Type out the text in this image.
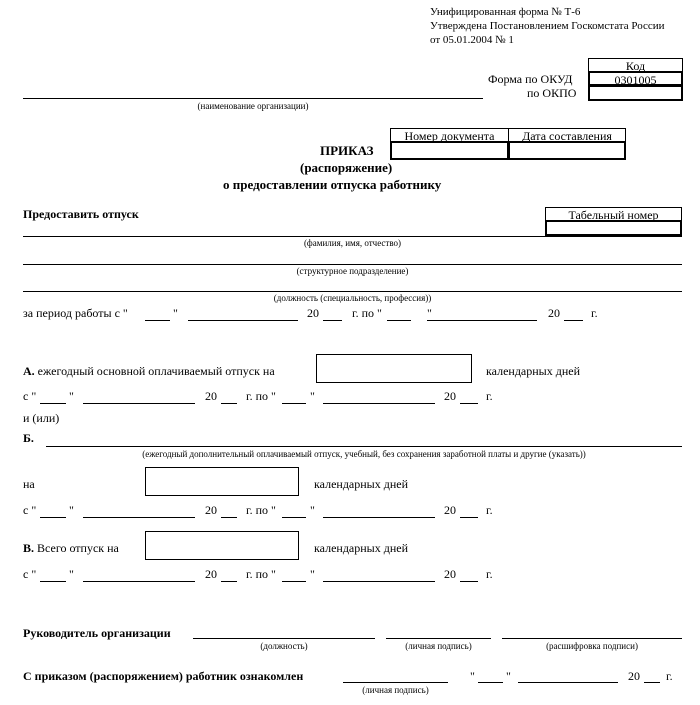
Унифицированная форма № Т-6
Утверждена Постановлением Госкомстата России
от 05.01.2004 № 1
Код
0301005
Форма по ОКУД
по ОКПО
(наименование организации)
Номер документа	Дата составления
ПРИКАЗ
(распоряжение)
о предоставлении отпуска работнику
Предоставить отпуск	Табельный номер
(фамилия, имя, отчество)
(структурное подразделение)
(должность (специальность, профессия))
за период работы с "	"	20	г. по "	"	20	г.
А. ежегодный основной оплачиваемый отпуск на	календарных дней
с "	"	20 г. по "	"	20	г.
и (или)
Б.
(ежегодный дополнительный оплачиваемый отпуск, учебный, без сохранения заработной платы и другие (указать))
на	календарных дней
с "	"	20 г. по "	"	20	г.
В. Всего отпуск на	календарных дней
с "	"	20 г. по "	"	20	г.
Руководитель организации
(должность)	(личная подпись)	(расшифровка подписи)
С приказом (распоряжением) работник ознакомлен
(личная подпись)
"	"	20 г.
